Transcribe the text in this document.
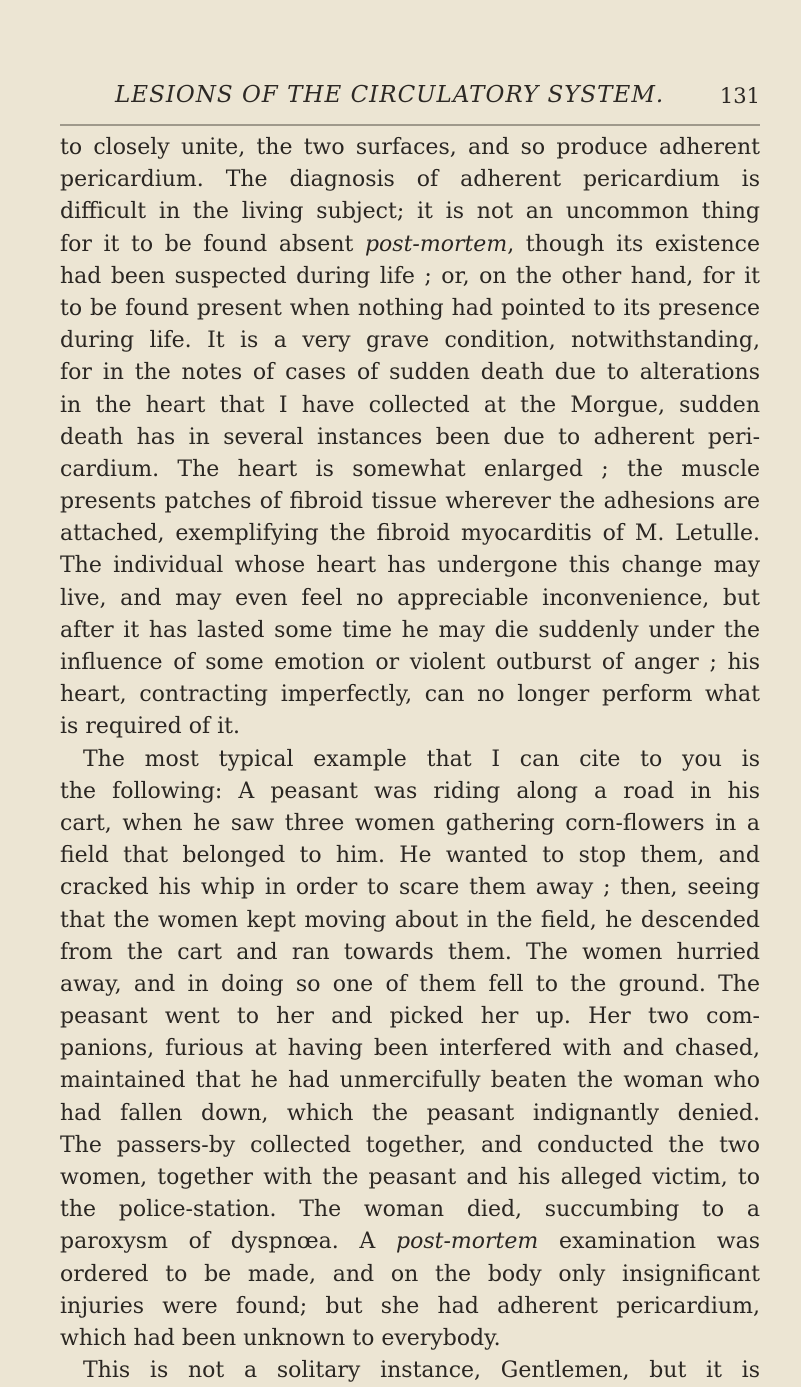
LESIONS OF THE CIRCULATORY SYSTEM.	131
to closely unite, the two surfaces, and so produce adherent
pericardium. The diagnosis of adherent pericardium is
difficult in the living subject; it is not an uncommon thing
for it to be found absent post-mortem, though its existence
had been suspected during life ; or, on the other hand, for it
to be found present when nothing had pointed to its presence
during life. It is a very grave condition, notwithstanding,
for in the notes of cases of sudden death due to alterations
in the heart that I have collected at the Morgue, sudden
death has in several instances been due to adherent peri-
cardium. The heart is somewhat enlarged ; the muscle
presents patches of fibroid tissue wherever the adhesions are
attached, exemplifying the fibroid myocarditis of M. Letulle.
The individual whose heart has undergone this change may
live, and may even feel no appreciable inconvenience, but
after it has lasted some time he may die suddenly under the
influence of some emotion or violent outburst of anger ; his
heart, contracting imperfectly, can no longer perform what
is required of it.
The most typical example that I can cite to you is
the following: A peasant was riding along a road in his
cart, when he saw three women gathering corn-flowers in a
field that belonged to him. He wanted to stop them, and
cracked his whip in order to scare them away ; then, seeing
that the women kept moving about in the field, he descended
from the cart and ran towards them. The women hurried
away, and in doing so one of them fell to the ground. The
peasant went to her and picked her up. Her two com-
panions, furious at having been interfered with and chased,
maintained that he had unmercifully beaten the woman who
had fallen down, which the peasant indignantly denied.
The passers-by collected together, and conducted the two
women, together with the peasant and his alleged victim, to
the police-station. The woman died, succumbing to a
paroxysm of dyspnœa. A post-mortem examination was
ordered to be made, and on the body only insignificant
injuries were found; but she had adherent pericardium,
which had been unknown to everybody.
This is not a solitary instance, Gentlemen, but it is
